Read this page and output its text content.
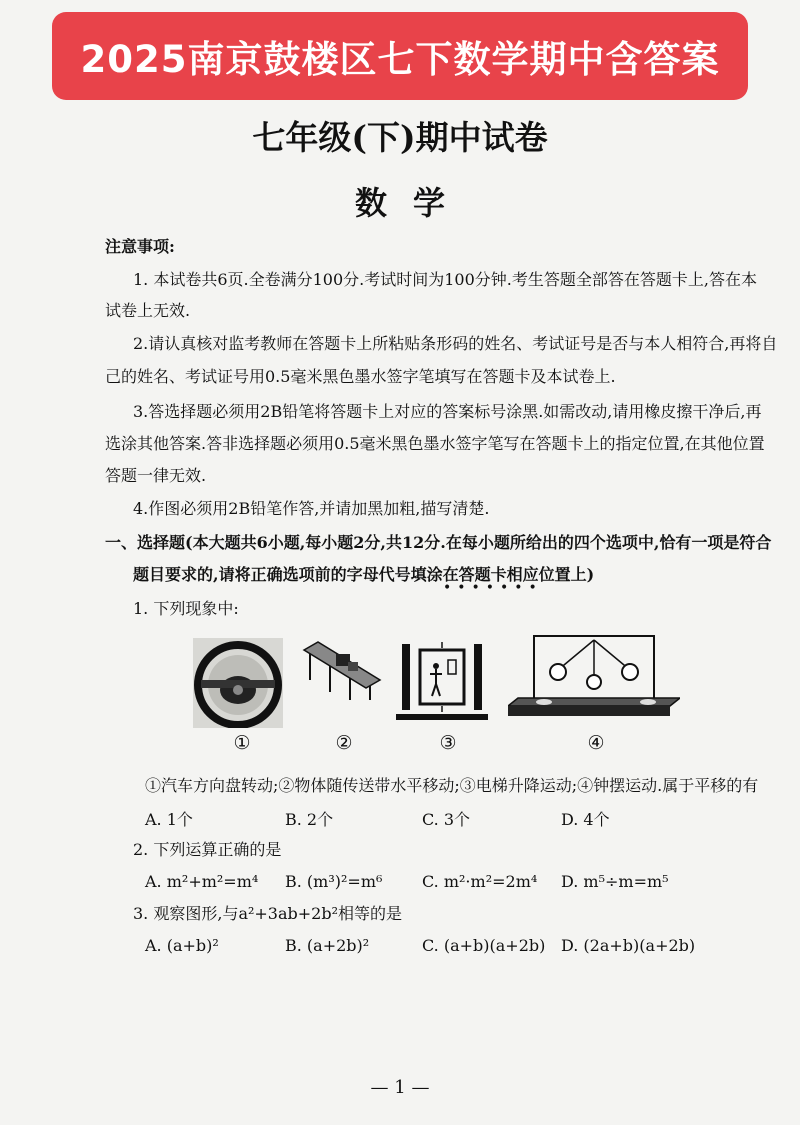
2025南京鼓楼区七下数学期中含答案
七年级(下)期中试卷
数学
注意事项:
1. 本试卷共6页.全卷满分100分.考试时间为100分钟.考生答题全部答在答题卡上,答在本
试卷上无效.
2.请认真核对监考教师在答题卡上所粘贴条形码的姓名、考试证号是否与本人相符合,再将自
己的姓名、考试证号用0.5毫米黑色墨水签字笔填写在答题卡及本试卷上.
3.答选择题必须用2B铅笔将答题卡上对应的答案标号涂黑.如需改动,请用橡皮擦干净后,再
选涂其他答案.答非选择题必须用0.5毫米黑色墨水签字笔写在答题卡上的指定位置,在其他位置
答题一律无效.
4.作图必须用2B铅笔作答,并请加黑加粗,描写清楚.
一、选择题(本大题共6小题,每小题2分,共12分.在每小题所给出的四个选项中,恰有一项是符合
题目要求的,请将正确选项前的字母代号填涂在答题卡相应位置上)
•••••••
1. 下列现象中:
①	②	③	④
①汽车方向盘转动;②物体随传送带水平移动;③电梯升降运动;④钟摆运动.属于平移的有
A. 1个	B. 2个	C. 3个	D. 4个
2. 下列运算正确的是
A. m²+m²=m⁴ B. (m³)²=m⁶ C. m²·m²=2m⁴ D. m⁵÷m=m⁵
3. 观察图形,与a²+3ab+2b²相等的是
A. (a+b)²	B. (a+2b)²	C. (a+b)(a+2b) D. (2a+b)(a+2b)
— 1 —
